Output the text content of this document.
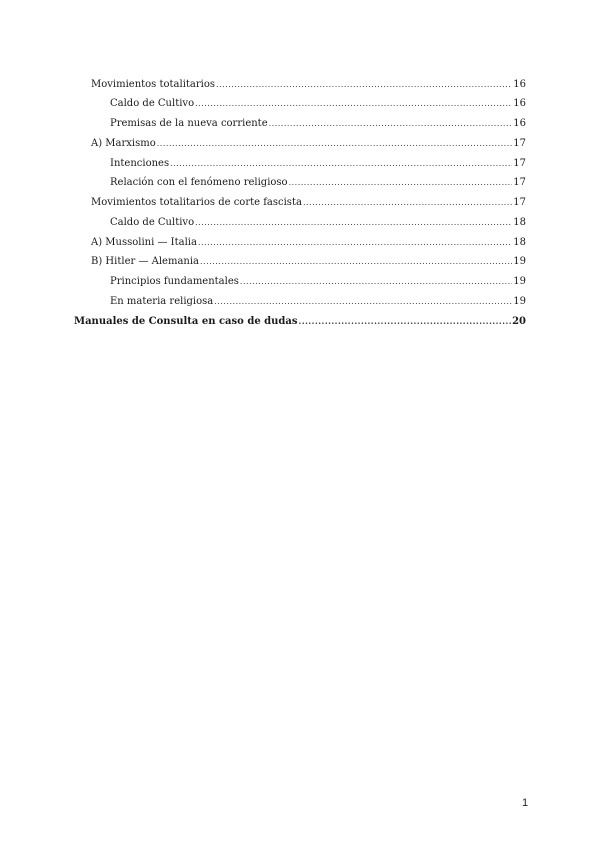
Movimientos totalitarios .....	16
Caldo de Cultivo .....	16
Premisas de la nueva corriente .....	16
A) Marxismo .....	17
Intenciones .....	17
Relación con el fenómeno religioso .....	17
Movimientos totalitarios de corte fascista .....	17
Caldo de Cultivo .....	18
A) Mussolini — Italia .....	18
B) Hitler — Alemania .....	19
Principios fundamentales .....	19
En materia religiosa .....	19
Manuales de Consulta en caso de dudas .....	20
1
